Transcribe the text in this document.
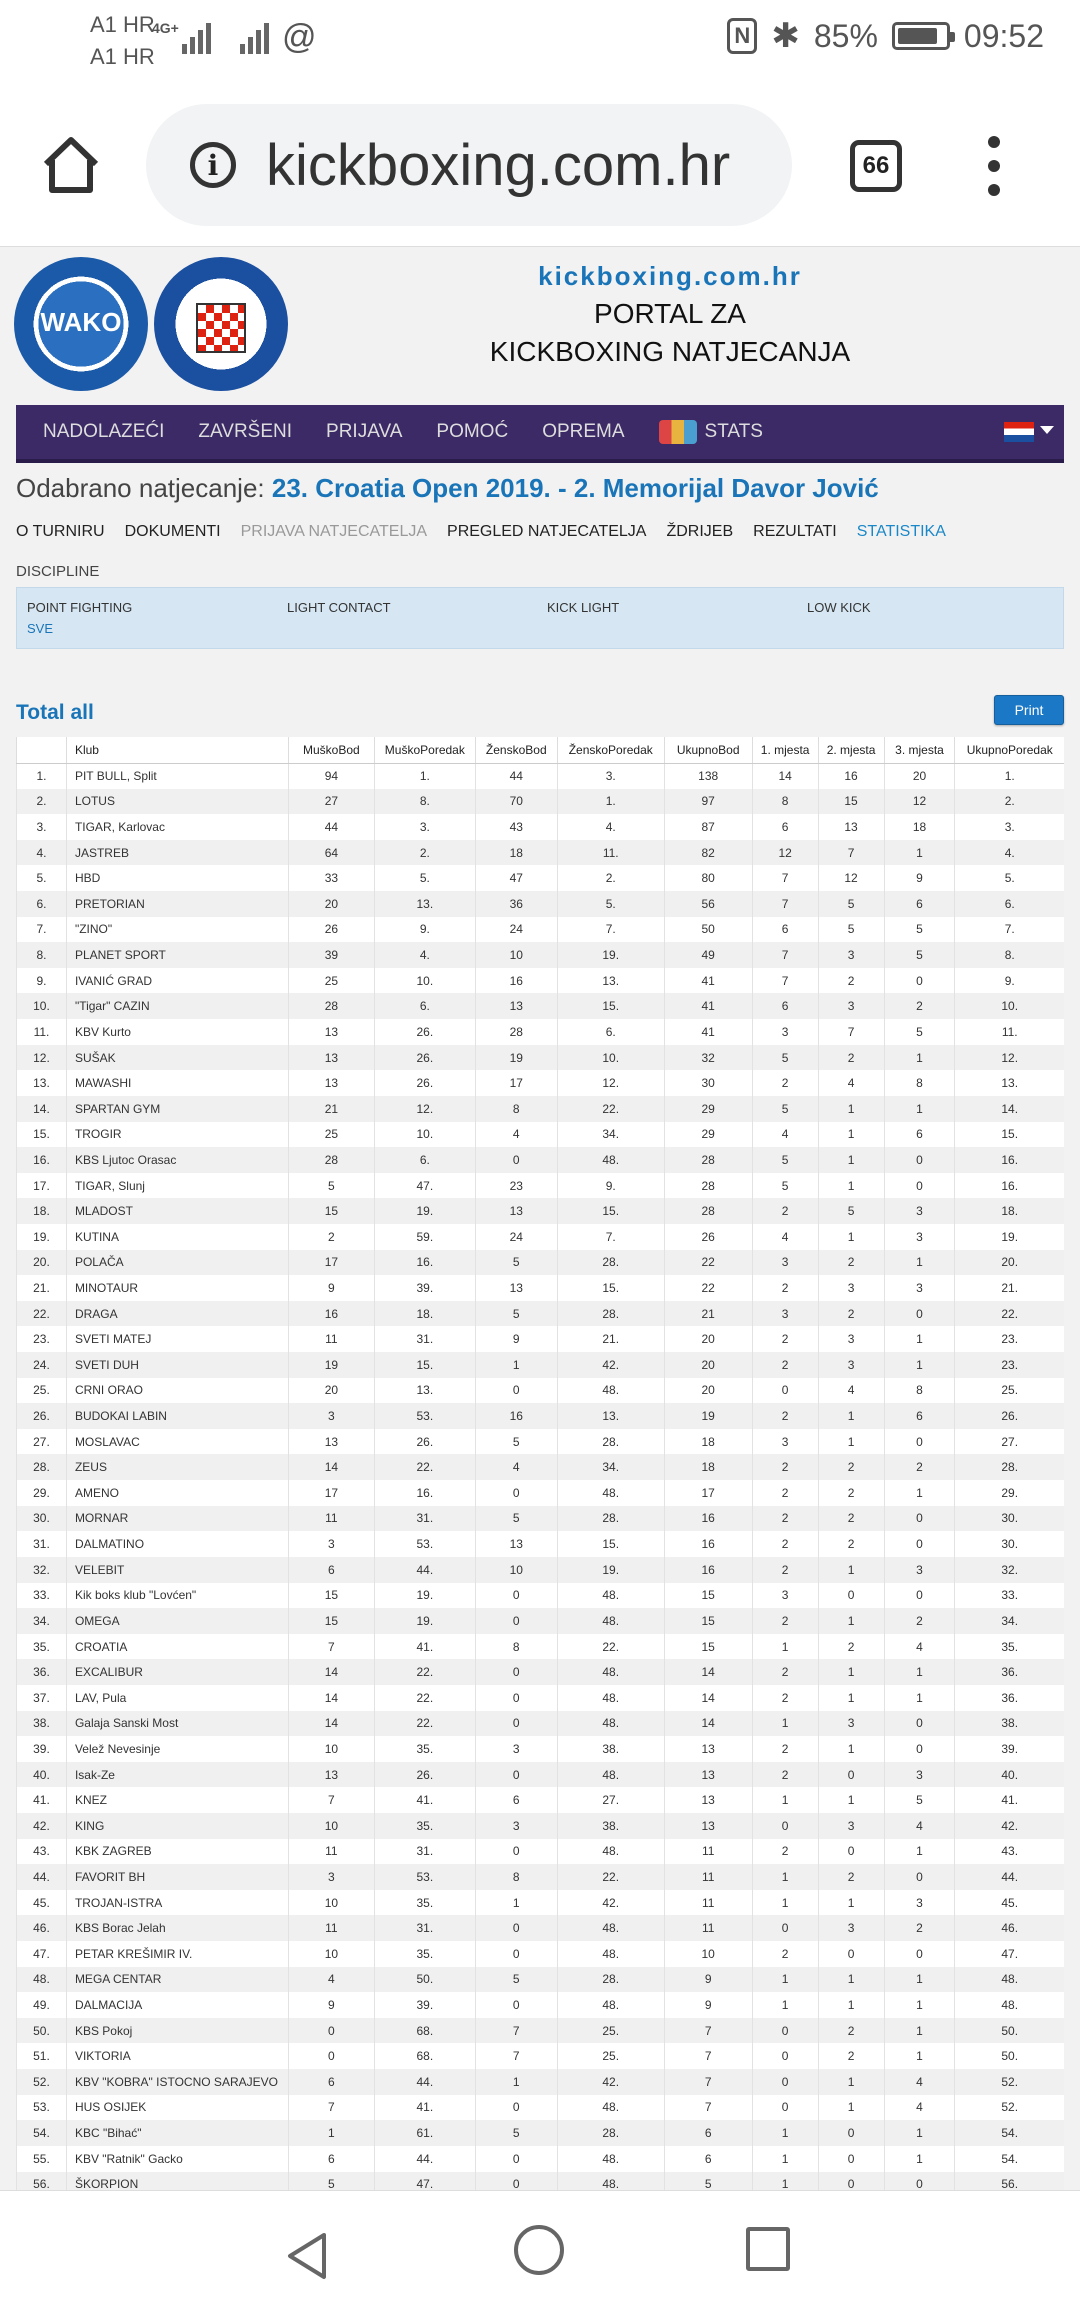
A1 HR
A1 HR
4G+	@	N ✱ 85%	09:52
i kickboxing.com.hr	66
WAKO
kickboxing.com.hr
PORTAL ZA
KICKBOXING NATJECANJA
NADOLAZEĆI ZAVRŠENI PRIJAVA POMOĆ OPREMA	STATS
Odabrano natjecanje: 23. Croatia Open 2019. - 2. Memorijal Davor Jović
O TURNIRU DOKUMENTI PRIJAVA NATJECATELJA PREGLED NATJECATELJA ŽDRIJEB REZULTATI STATISTIKA
DISCIPLINE
POINT FIGHTING	LIGHT CONTACT	KICK LIGHT	LOW KICK
SVE
Total all	Print
	Klub	MuškoBod	MuškoPoredak	ŽenskoBod	ŽenskoPoredak	UkupnoBod	1. mjesta	2. mjesta	3. mjesta	UkupnoPoredak
1.	PIT BULL, Split	94	1.	44	3.	138	14	16	20	1.
2.	LOTUS	27	8.	70	1.	97	8	15	12	2.
3.	TIGAR, Karlovac	44	3.	43	4.	87	6	13	18	3.
4.	JASTREB	64	2.	18	11.	82	12	7	1	4.
5.	HBD	33	5.	47	2.	80	7	12	9	5.
6.	PRETORIAN	20	13.	36	5.	56	7	5	6	6.
7.	"ZINO"	26	9.	24	7.	50	6	5	5	7.
8.	PLANET SPORT	39	4.	10	19.	49	7	3	5	8.
9.	IVANIĆ GRAD	25	10.	16	13.	41	7	2	0	9.
10.	"Tigar" CAZIN	28	6.	13	15.	41	6	3	2	10.
11.	KBV Kurto	13	26.	28	6.	41	3	7	5	11.
12.	SUŠAK	13	26.	19	10.	32	5	2	1	12.
13.	MAWASHI	13	26.	17	12.	30	2	4	8	13.
14.	SPARTAN GYM	21	12.	8	22.	29	5	1	1	14.
15.	TROGIR	25	10.	4	34.	29	4	1	6	15.
16.	KBS Ljutoc Orasac	28	6.	0	48.	28	5	1	0	16.
17.	TIGAR, Slunj	5	47.	23	9.	28	5	1	0	16.
18.	MLADOST	15	19.	13	15.	28	2	5	3	18.
19.	KUTINA	2	59.	24	7.	26	4	1	3	19.
20.	POLAČA	17	16.	5	28.	22	3	2	1	20.
21.	MINOTAUR	9	39.	13	15.	22	2	3	3	21.
22.	DRAGA	16	18.	5	28.	21	3	2	0	22.
23.	SVETI MATEJ	11	31.	9	21.	20	2	3	1	23.
24.	SVETI DUH	19	15.	1	42.	20	2	3	1	23.
25.	CRNI ORAO	20	13.	0	48.	20	0	4	8	25.
26.	BUDOKAI LABIN	3	53.	16	13.	19	2	1	6	26.
27.	MOSLAVAC	13	26.	5	28.	18	3	1	0	27.
28.	ZEUS	14	22.	4	34.	18	2	2	2	28.
29.	AMENO	17	16.	0	48.	17	2	2	1	29.
30.	MORNAR	11	31.	5	28.	16	2	2	0	30.
31.	DALMATINO	3	53.	13	15.	16	2	2	0	30.
32.	VELEBIT	6	44.	10	19.	16	2	1	3	32.
33.	Kik boks klub "Lovćen"	15	19.	0	48.	15	3	0	0	33.
34.	OMEGA	15	19.	0	48.	15	2	1	2	34.
35.	CROATIA	7	41.	8	22.	15	1	2	4	35.
36.	EXCALIBUR	14	22.	0	48.	14	2	1	1	36.
37.	LAV, Pula	14	22.	0	48.	14	2	1	1	36.
38.	Galaja Sanski Most	14	22.	0	48.	14	1	3	0	38.
39.	Velež Nevesinje	10	35.	3	38.	13	2	1	0	39.
40.	Isak-Ze	13	26.	0	48.	13	2	0	3	40.
41.	KNEZ	7	41.	6	27.	13	1	1	5	41.
42.	KING	10	35.	3	38.	13	0	3	4	42.
43.	KBK ZAGREB	11	31.	0	48.	11	2	0	1	43.
44.	FAVORIT BH	3	53.	8	22.	11	1	2	0	44.
45.	TROJAN-ISTRA	10	35.	1	42.	11	1	1	3	45.
46.	KBS Borac Jelah	11	31.	0	48.	11	0	3	2	46.
47.	PETAR KREŠIMIR IV.	10	35.	0	48.	10	2	0	0	47.
48.	MEGA CENTAR	4	50.	5	28.	9	1	1	1	48.
49.	DALMACIJA	9	39.	0	48.	9	1	1	1	48.
50.	KBS Pokoj	0	68.	7	25.	7	0	2	1	50.
51.	VIKTORIA	0	68.	7	25.	7	0	2	1	50.
52.	KBV "KOBRA" ISTOCNO SARAJEVO	6	44.	1	42.	7	0	1	4	52.
53.	HUS OSIJEK	7	41.	0	48.	7	0	1	4	52.
54.	KBC "Bihać"	1	61.	5	28.	6	1	0	1	54.
55.	KBV "Ratnik" Gacko	6	44.	0	48.	6	1	0	1	54.
56.	ŠKORPION	5	47.	0	48.	5	1	0	0	56.
